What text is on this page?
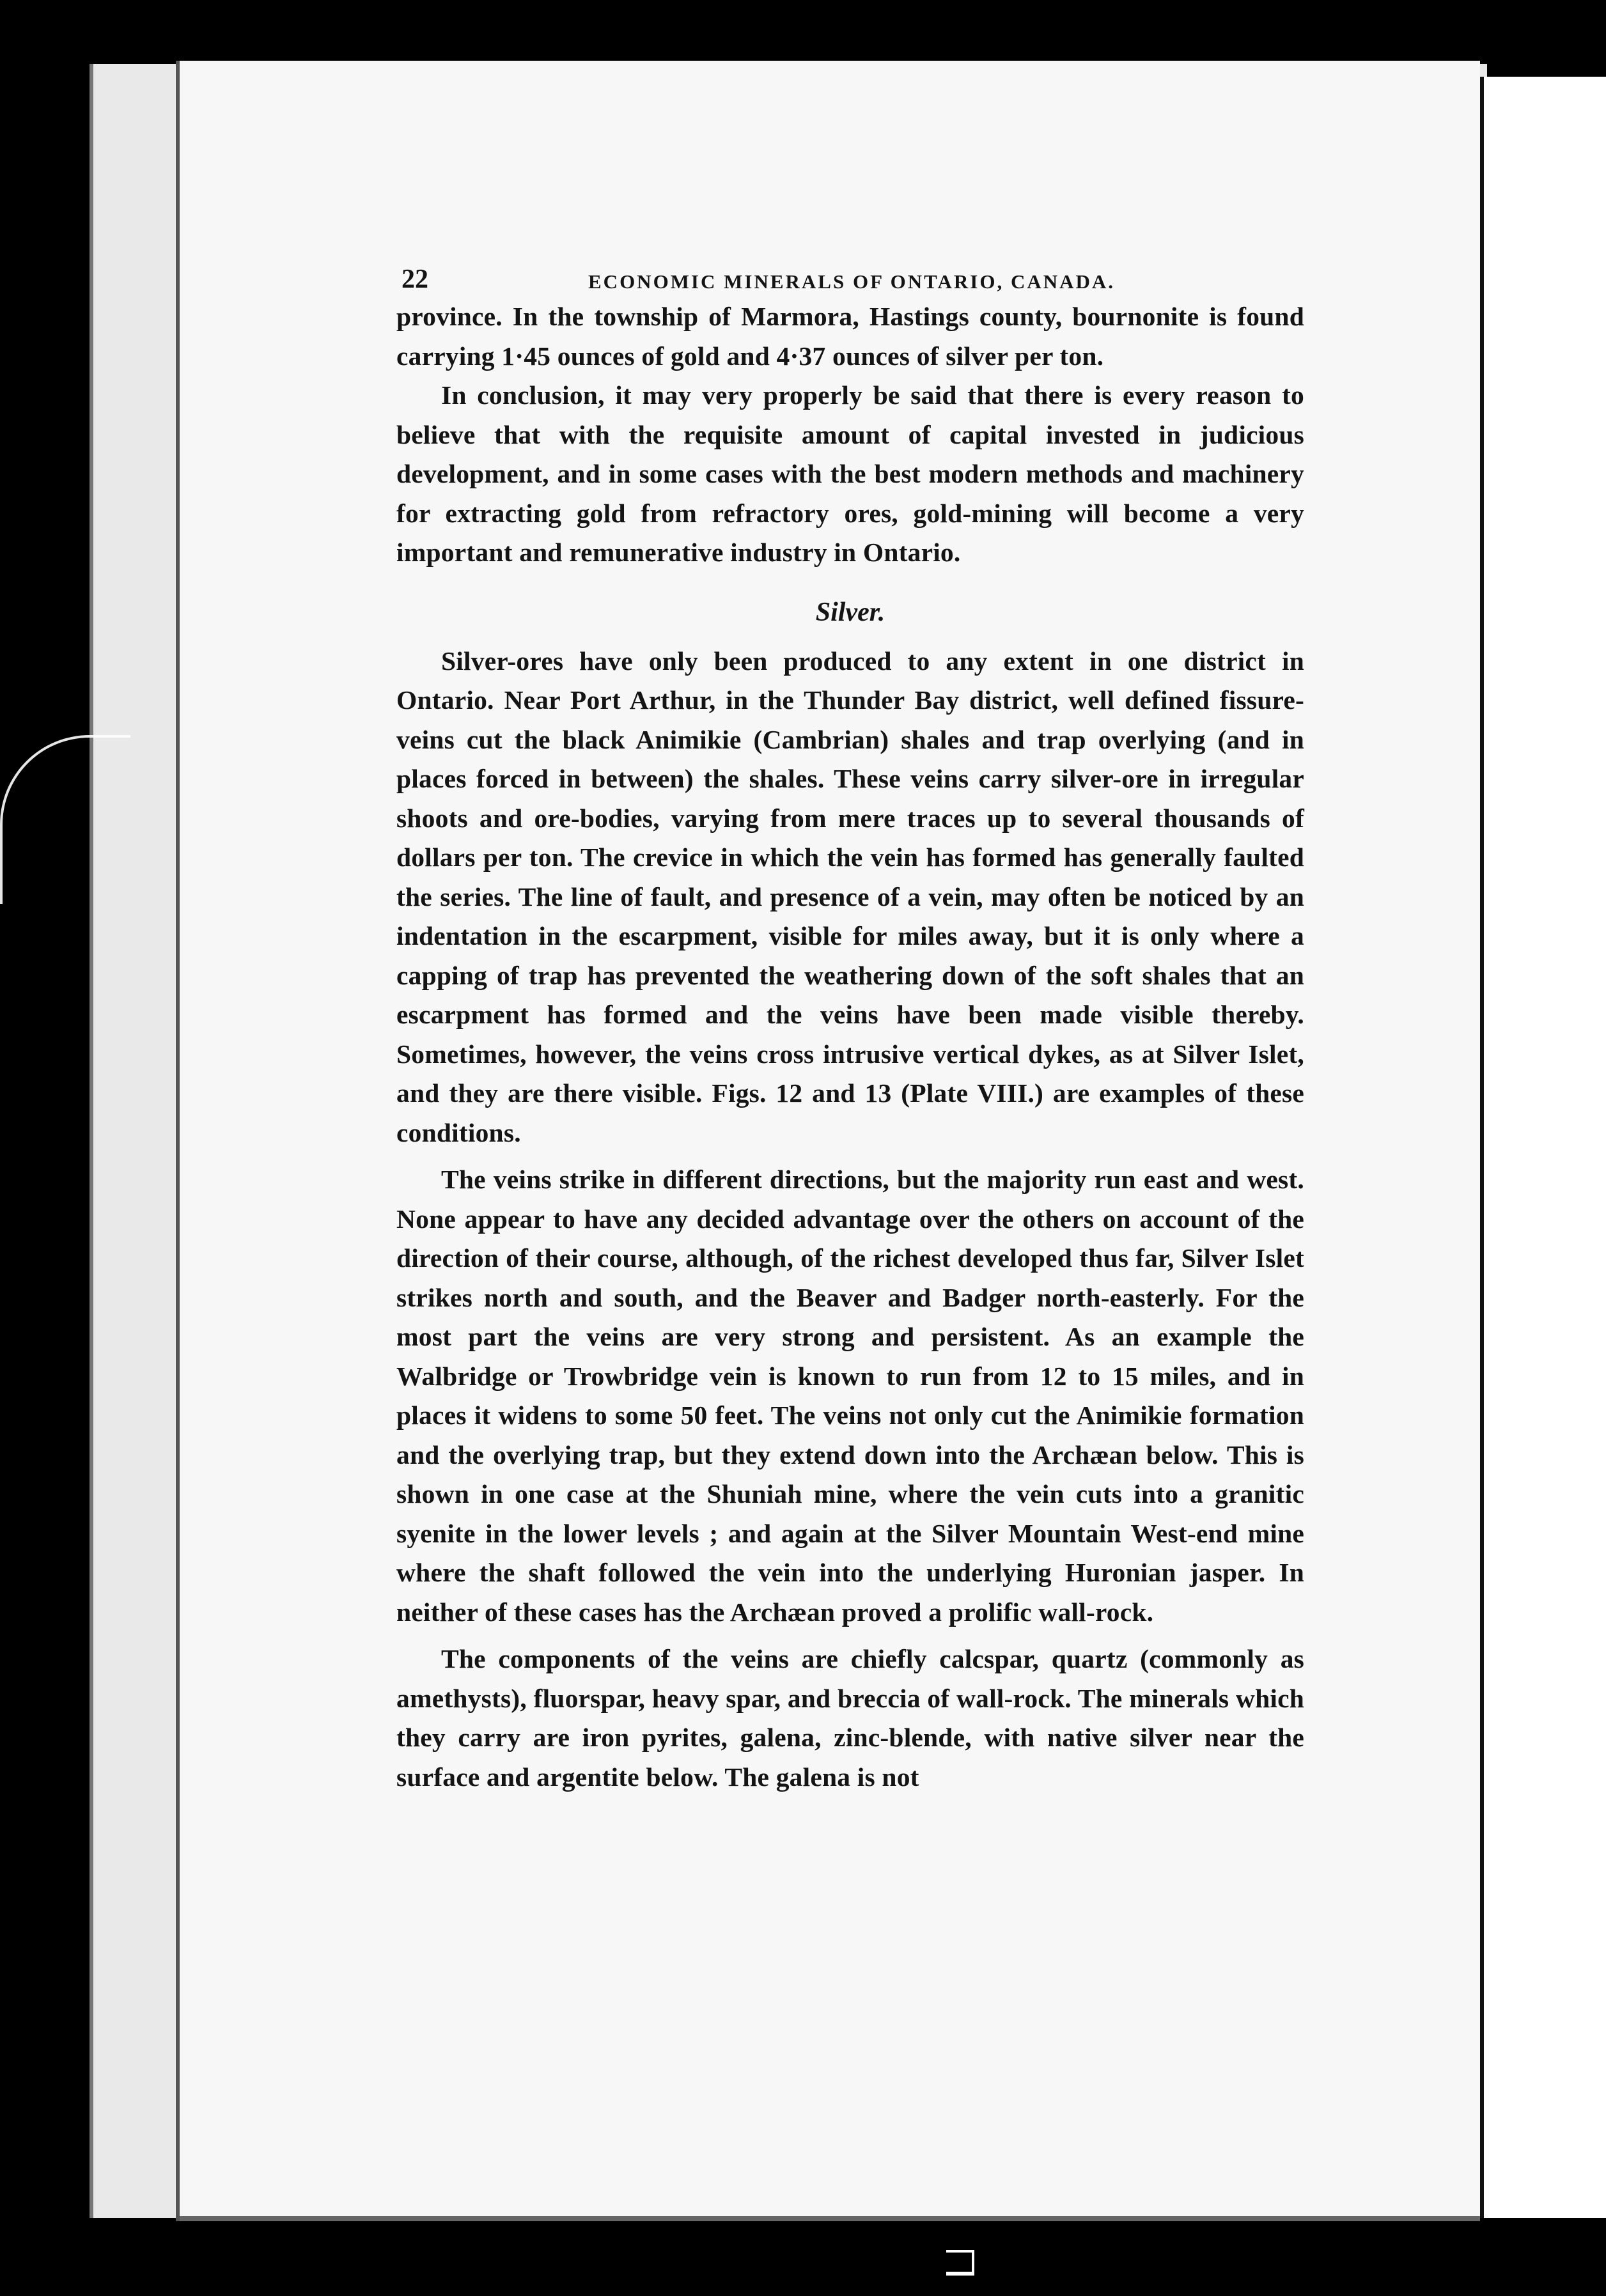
22	ECONOMIC MINERALS OF ONTARIO, CANADA.

province. In the township of Marmora, Hastings county, bournonite is found carrying 1·45 ounces of gold and 4·37 ounces of silver per ton.

In conclusion, it may very properly be said that there is every reason to believe that with the requisite amount of capital invested in judicious development, and in some cases with the best modern methods and machinery for extracting gold from refractory ores, gold-mining will become a very important and remunerative industry in Ontario.

Silver.

Silver-ores have only been produced to any extent in one district in Ontario. Near Port Arthur, in the Thunder Bay district, well defined fissure-veins cut the black Animikie (Cambrian) shales and trap overlying (and in places forced in between) the shales. These veins carry silver-ore in irregular shoots and ore-bodies, varying from mere traces up to several thousands of dollars per ton. The crevice in which the vein has formed has generally faulted the series. The line of fault, and presence of a vein, may often be noticed by an indentation in the escarpment, visible for miles away, but it is only where a capping of trap has prevented the weathering down of the soft shales that an escarpment has formed and the veins have been made visible thereby. Sometimes, however, the veins cross intrusive vertical dykes, as at Silver Islet, and they are there visible. Figs. 12 and 13 (Plate VIII.) are examples of these conditions.

The veins strike in different directions, but the majority run east and west. None appear to have any decided advantage over the others on account of the direction of their course, although, of the richest developed thus far, Silver Islet strikes north and south, and the Beaver and Badger north-easterly. For the most part the veins are very strong and persistent. As an example the Walbridge or Trowbridge vein is known to run from 12 to 15 miles, and in places it widens to some 50 feet. The veins not only cut the Animikie formation and the overlying trap, but they extend down into the Archæan below. This is shown in one case at the Shuniah mine, where the vein cuts into a granitic syenite in the lower levels ; and again at the Silver Mountain West-end mine where the shaft followed the vein into the underlying Huronian jasper. In neither of these cases has the Archæan proved a prolific wall-rock.

The components of the veins are chiefly calcspar, quartz (commonly as amethysts), fluorspar, heavy spar, and breccia of wall-rock. The minerals which they carry are iron pyrites, galena, zinc-blende, with native silver near the surface and argentite below. The galena is not
